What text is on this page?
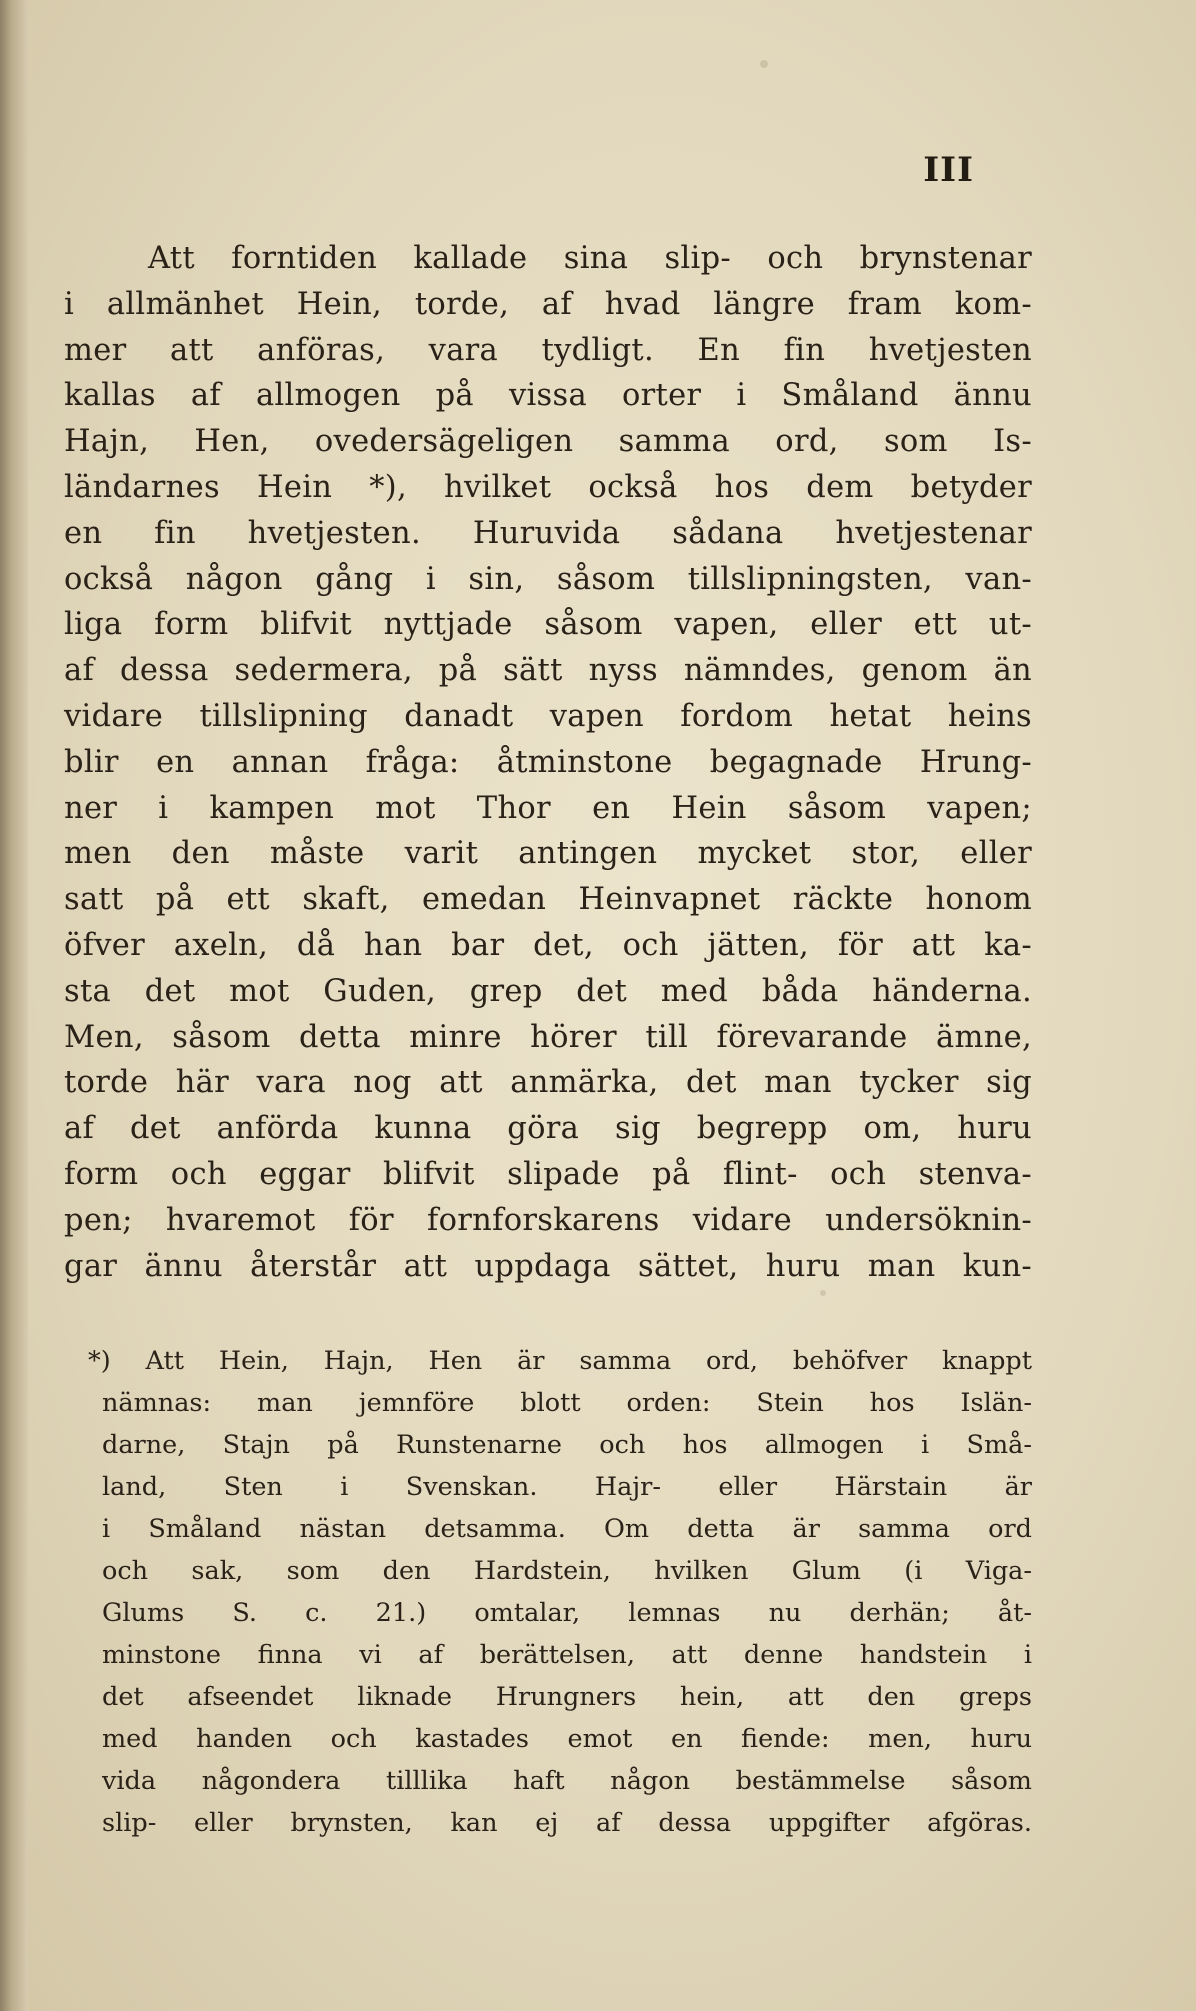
III
Att forntiden kallade sina slip- och brynstenar
i allmänhet Hein, torde, af hvad längre fram kom-
mer att anföras, vara tydligt. En fin hvetjesten
kallas af allmogen på vissa orter i Småland ännu
Hajn, Hen, ovedersägeligen samma ord, som Is-
ländarnes Hein *), hvilket också hos dem betyder
en fin hvetjesten. Huruvida sådana hvetjestenar
också någon gång i sin, såsom tillslipningsten, van-
liga form blifvit nyttjade såsom vapen, eller ett ut-
af dessa sedermera, på sätt nyss nämndes, genom än
vidare tillslipning danadt vapen fordom hetat heins
blir en annan fråga: åtminstone begagnade Hrung-
ner i kampen mot Thor en Hein såsom vapen;
men den måste varit antingen mycket stor, eller
satt på ett skaft, emedan Heinvapnet räckte honom
öfver axeln, då han bar det, och jätten, för att ka-
sta det mot Guden, grep det med båda händerna.
Men, såsom detta minre hörer till förevarande ämne,
torde här vara nog att anmärka, det man tycker sig
af det anförda kunna göra sig begrepp om, huru
form och eggar blifvit slipade på flint- och stenva-
pen; hvaremot för fornforskarens vidare undersöknin-
gar ännu återstår att uppdaga sättet, huru man kun-
*) Att Hein, Hajn, Hen är samma ord, behöfver knappt
nämnas: man jemnföre blott orden: Stein hos Islän-
darne, Stajn på Runstenarne och hos allmogen i Små-
land, Sten i Svenskan. Hajr- eller Härstain är
i Småland nästan detsamma. Om detta är samma ord
och sak, som den Hardstein, hvilken Glum (i Viga-
Glums S. c. 21.) omtalar, lemnas nu derhän; åt-
minstone finna vi af berättelsen, att denne handstein i
det afseendet liknade Hrungners hein, att den greps
med handen och kastades emot en fiende: men, huru
vida någondera tilllika haft någon bestämmelse såsom
slip- eller brynsten, kan ej af dessa uppgifter afgöras.
